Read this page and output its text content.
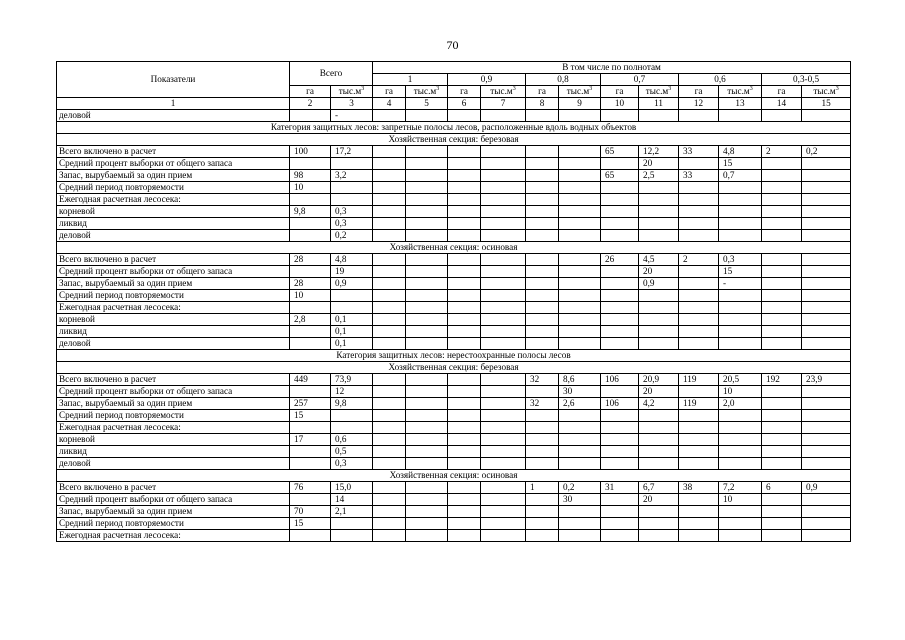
70
Показатели	Всего		В том числе по полнотам											
			1		0,9		0,8		0,7		0,6		0,3-0,5	
	га	$тыс.м^3$	га	$тыс.м^3$	га	$тыс.м^3$	га	$тыс.м^3$	га	$тыс.м^3$	га	$тыс.м^3$	га	$тыс.м^3$
1	2	3	4	5	6	7	8	9	10	11	12	13	14	15
деловой		-												
Категория защитных лесов: запретные полосы лесов, расположенные вдоль водных объектов														
Хозяйственная секция: березовая														
Всего включено в расчет	100	17,2							65	12,2	33	4,8	2	0,2
Средний процент выборки от общего запаса										20		15		
Запас, вырубаемый за один прием	98	3,2							65	2,5	33	0,7		
Средний период повторяемости	10													
Ежегодная расчетная лесосека:														
корневой	9,8	0,3												
ликвид		0,3												
деловой		0,2												
Хозяйственная секция: осиновая														
Всего включено в расчет	28	4,8							26	4,5	2	0,3		
Средний процент выборки от общего запаса		19								20		15		
Запас, вырубаемый за один прием	28	0,9								0,9		-		
Средний период повторяемости	10													
Ежегодная расчетная лесосека:														
корневой	2,8	0,1												
ликвид		0,1												
деловой		0,1												
Категория защитных лесов: нерестоохранные полосы лесов														
Хозяйственная секция: березовая														
Всего включено в расчет	449	73,9					32	8,6	106	20,9	119	20,5	192	23,9
Средний процент выборки от общего запаса		12						30		20		10		
Запас, вырубаемый за один прием	257	9,8					32	2,6	106	4,2	119	2,0		
Средний период повторяемости	15													
Ежегодная расчетная лесосека:														
корневой	17	0,6												
ликвид		0,5												
деловой		0,3												
Хозяйственная секция: осиновая														
Всего включено в расчет	76	15,0					1	0,2	31	6,7	38	7,2	6	0,9
Средний процент выборки от общего запаса		14						30		20		10		
Запас, вырубаемый за один прием	70	2,1												
Средний период повторяемости	15													
Ежегодная расчетная лесосека:														
